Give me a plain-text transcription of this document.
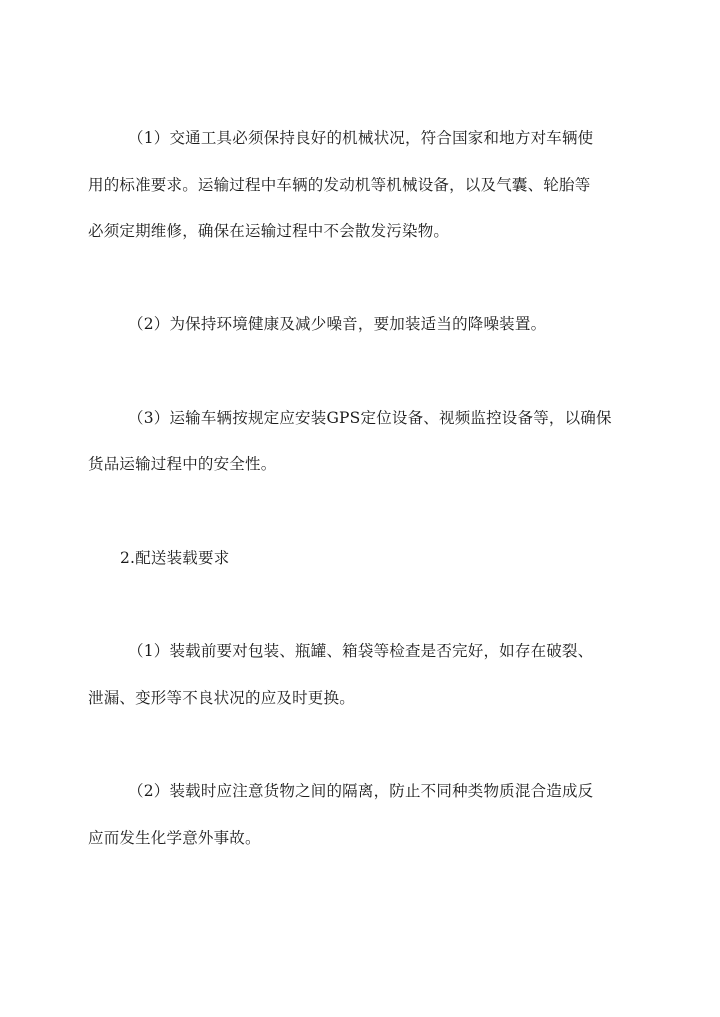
（1）交通工具必须保持良好的机械状况，符合国家和地方对车辆使
用的标准要求。运输过程中车辆的发动机等机械设备，以及气囊、轮胎等
必须定期维修，确保在运输过程中不会散发污染物。
（2）为保持环境健康及减少噪音，要加装适当的降噪装置。
（3）运输车辆按规定应安装GPS定位设备、视频监控设备等，以确保
货品运输过程中的安全性。
2.配送装载要求
（1）装载前要对包装、瓶罐、箱袋等检查是否完好，如存在破裂、
泄漏、变形等不良状况的应及时更换。
（2）装载时应注意货物之间的隔离，防止不同种类物质混合造成反
应而发生化学意外事故。
